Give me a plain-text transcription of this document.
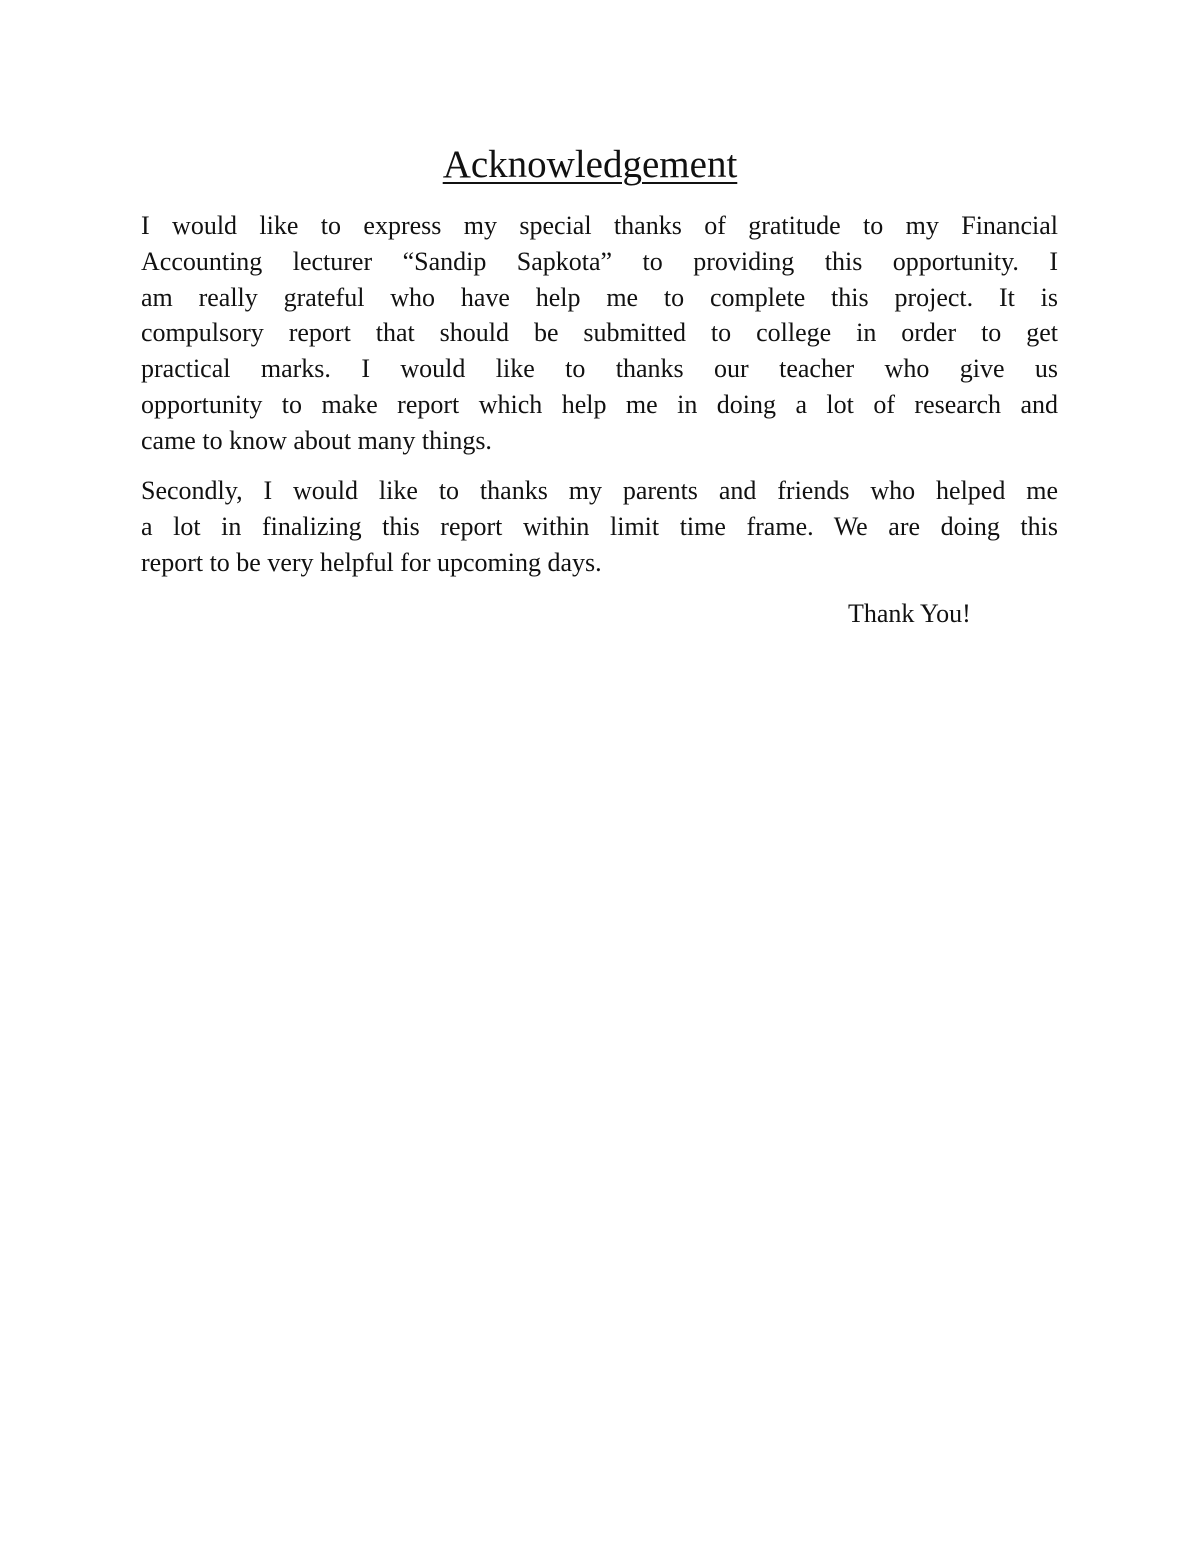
Acknowledgement
I would like to express my special thanks of gratitude to my Financial
Accounting lecturer “Sandip Sapkota” to providing this opportunity. I
am really grateful who have help me to complete this project. It is
compulsory report that should be submitted to college in order to get
practical marks. I would like to thanks our teacher who give us
opportunity to make report which help me in doing a lot of research and
came to know about many things.
Secondly, I would like to thanks my parents and friends who helped me
a lot in finalizing this report within limit time frame. We are doing this
report to be very helpful for upcoming days.
Thank You!
